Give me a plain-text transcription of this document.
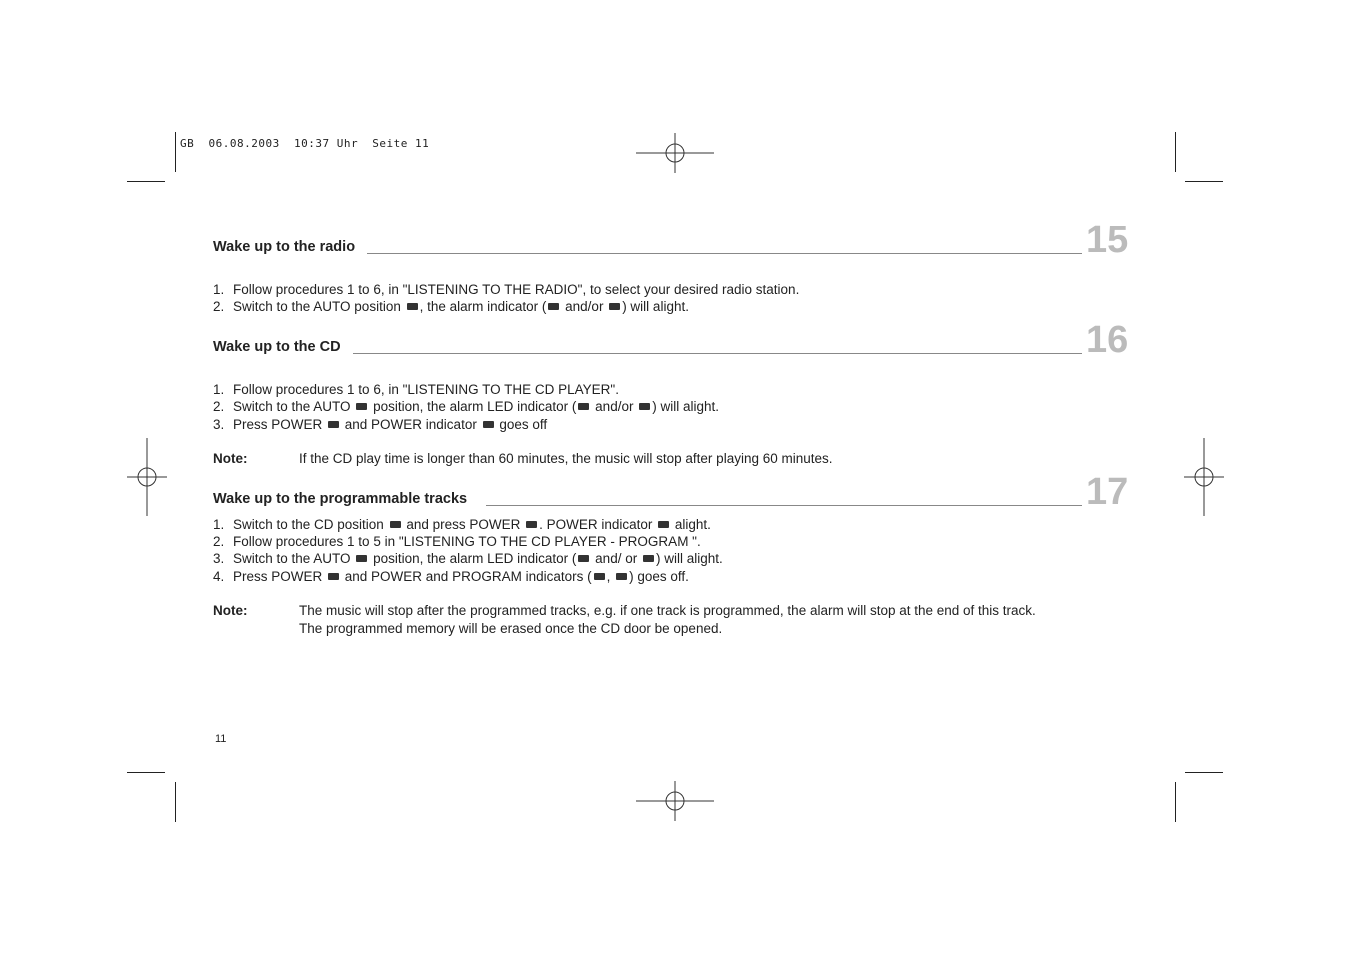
GB  06.08.2003  10:37 Uhr  Seite 11
Wake up to the radio	15
1. Follow procedures 1 to 6, in "LISTENING TO THE RADIO", to select your desired radio station.
2. Switch to the AUTO position , the alarm indicator ( and/or ) will alight.
Wake up to the CD	16
1. Follow procedures 1 to 6, in "LISTENING TO THE CD PLAYER".
2. Switch to the AUTO  position, the alarm LED indicator ( and/or ) will alight.
3. Press POWER  and POWER indicator  goes off
Note:	If the CD play time is longer than 60 minutes, the music will stop after playing 60 minutes.
Wake up to the programmable tracks	17
1. Switch to the CD position  and press POWER . POWER indicator  alight.
2. Follow procedures 1 to 5 in "LISTENING TO THE CD PLAYER - PROGRAM ".
3. Switch to the AUTO  position, the alarm LED indicator ( and/ or ) will alight.
4. Press POWER  and POWER and PROGRAM indicators ( , ) goes off.
Note:	The music will stop after the programmed tracks, e.g. if one track is programmed, the alarm will stop at the end of this track.
The programmed memory will be erased once the CD door be opened.
11
